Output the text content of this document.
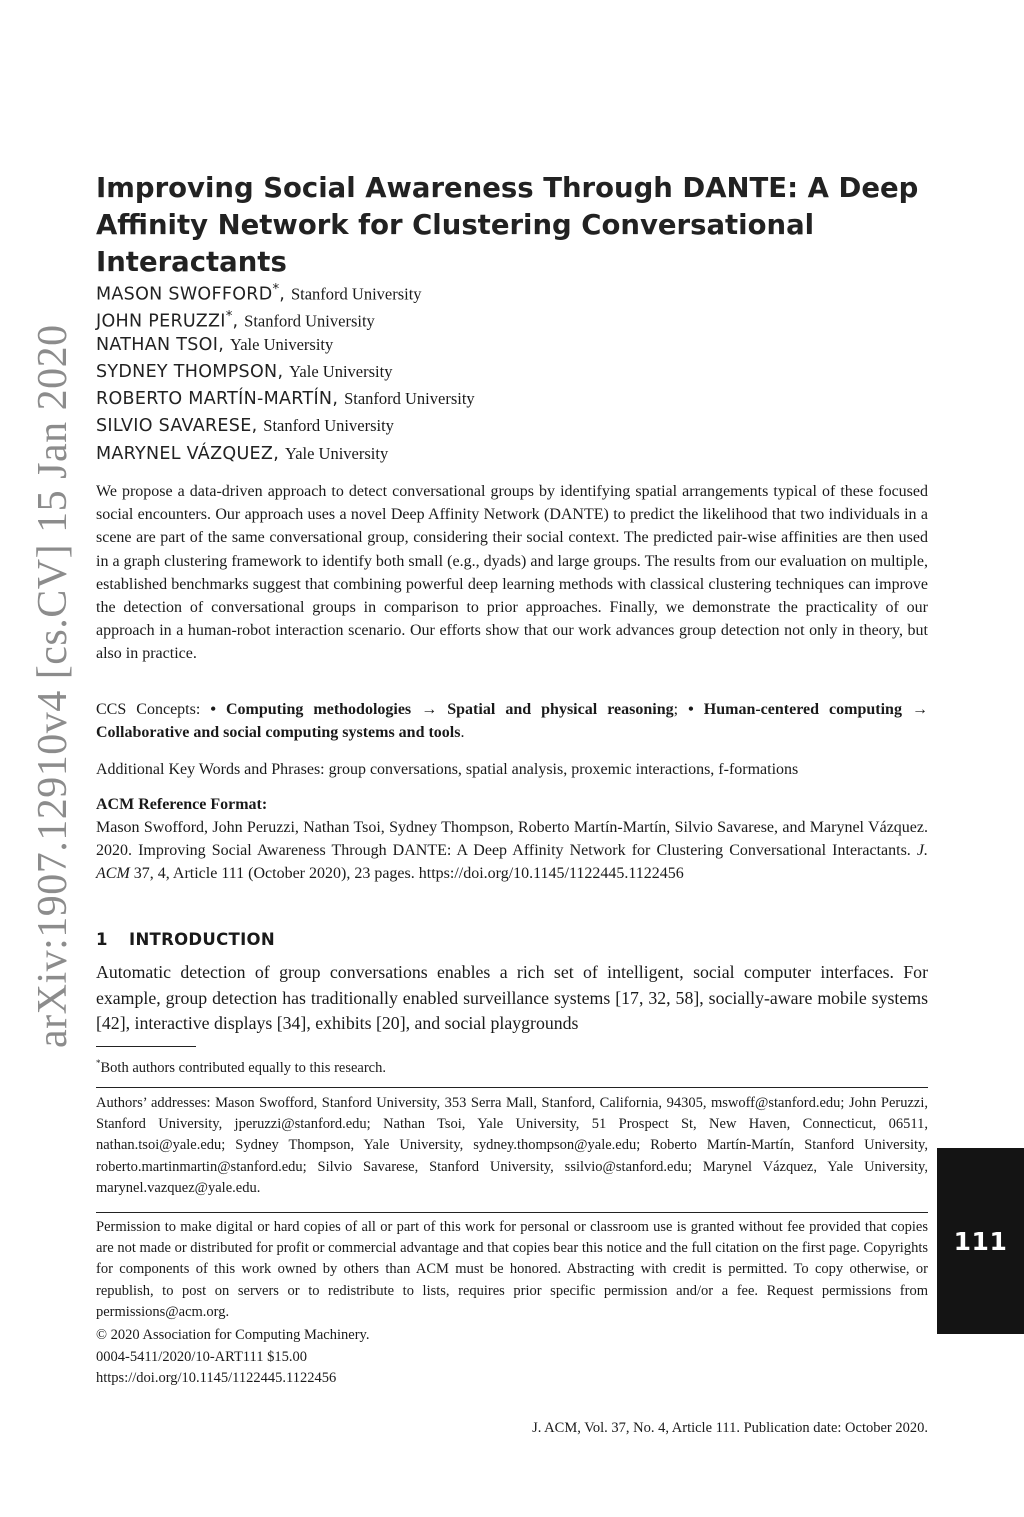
arXiv:1907.12910v4 [cs.CV] 15 Jan 2020
Improving Social Awareness Through DANTE: A Deep Affinity Network for Clustering Conversational Interactants
MASON SWOFFORD*, Stanford University
JOHN PERUZZI*, Stanford University
NATHAN TSOI, Yale University
SYDNEY THOMPSON, Yale University
ROBERTO MARTÍN-MARTÍN, Stanford University
SILVIO SAVARESE, Stanford University
MARYNEL VÁZQUEZ, Yale University

We propose a data-driven approach to detect conversational groups by identifying spatial arrangements typical of these focused social encounters. Our approach uses a novel Deep Affinity Network (DANTE) to predict the likelihood that two individuals in a scene are part of the same conversational group, considering their social context. The predicted pair-wise affinities are then used in a graph clustering framework to identify both small (e.g., dyads) and large groups. The results from our evaluation on multiple, established benchmarks suggest that combining powerful deep learning methods with classical clustering techniques can improve the detection of conversational groups in comparison to prior approaches. Finally, we demonstrate the practicality of our approach in a human-robot interaction scenario. Our efforts show that our work advances group detection not only in theory, but also in practice.

CCS Concepts: • Computing methodologies → Spatial and physical reasoning; • Human-centered computing → Collaborative and social computing systems and tools.

Additional Key Words and Phrases: group conversations, spatial analysis, proxemic interactions, f-formations

ACM Reference Format:

Mason Swofford, John Peruzzi, Nathan Tsoi, Sydney Thompson, Roberto Martín-Martín, Silvio Savarese, and Marynel Vázquez. 2020. Improving Social Awareness Through DANTE: A Deep Affinity Network for Clustering Conversational Interactants. J. ACM 37, 4, Article 111 (October 2020), 23 pages. https://doi.org/10.1145/1122445.1122456

1 INTRODUCTION

Automatic detection of group conversations enables a rich set of intelligent, social computer interfaces. For example, group detection has traditionally enabled surveillance systems [17, 32, 58], socially-aware mobile systems [42], interactive displays [34], exhibits [20], and social playgrounds

*Both authors contributed equally to this research.

Authors’ addresses: Mason Swofford, Stanford University, 353 Serra Mall, Stanford, California, 94305, mswoff@stanford.edu; John Peruzzi, Stanford University, jperuzzi@stanford.edu; Nathan Tsoi, Yale University, 51 Prospect St, New Haven, Connecticut, 06511, nathan.tsoi@yale.edu; Sydney Thompson, Yale University, sydney.thompson@yale.edu; Roberto Martín-Martín, Stanford University, roberto.martinmartin@stanford.edu; Silvio Savarese, Stanford University, ssilvio@stanford.edu; Marynel Vázquez, Yale University, marynel.vazquez@yale.edu.

Permission to make digital or hard copies of all or part of this work for personal or classroom use is granted without fee provided that copies are not made or distributed for profit or commercial advantage and that copies bear this notice and the full citation on the first page. Copyrights for components of this work owned by others than ACM must be honored. Abstracting with credit is permitted. To copy otherwise, or republish, to post on servers or to redistribute to lists, requires prior specific permission and/or a fee. Request permissions from permissions@acm.org.

© 2020 Association for Computing Machinery.

0004-5411/2020/10-ART111 $15.00

https://doi.org/10.1145/1122445.1122456

J. ACM, Vol. 37, No. 4, Article 111. Publication date: October 2020.

111
